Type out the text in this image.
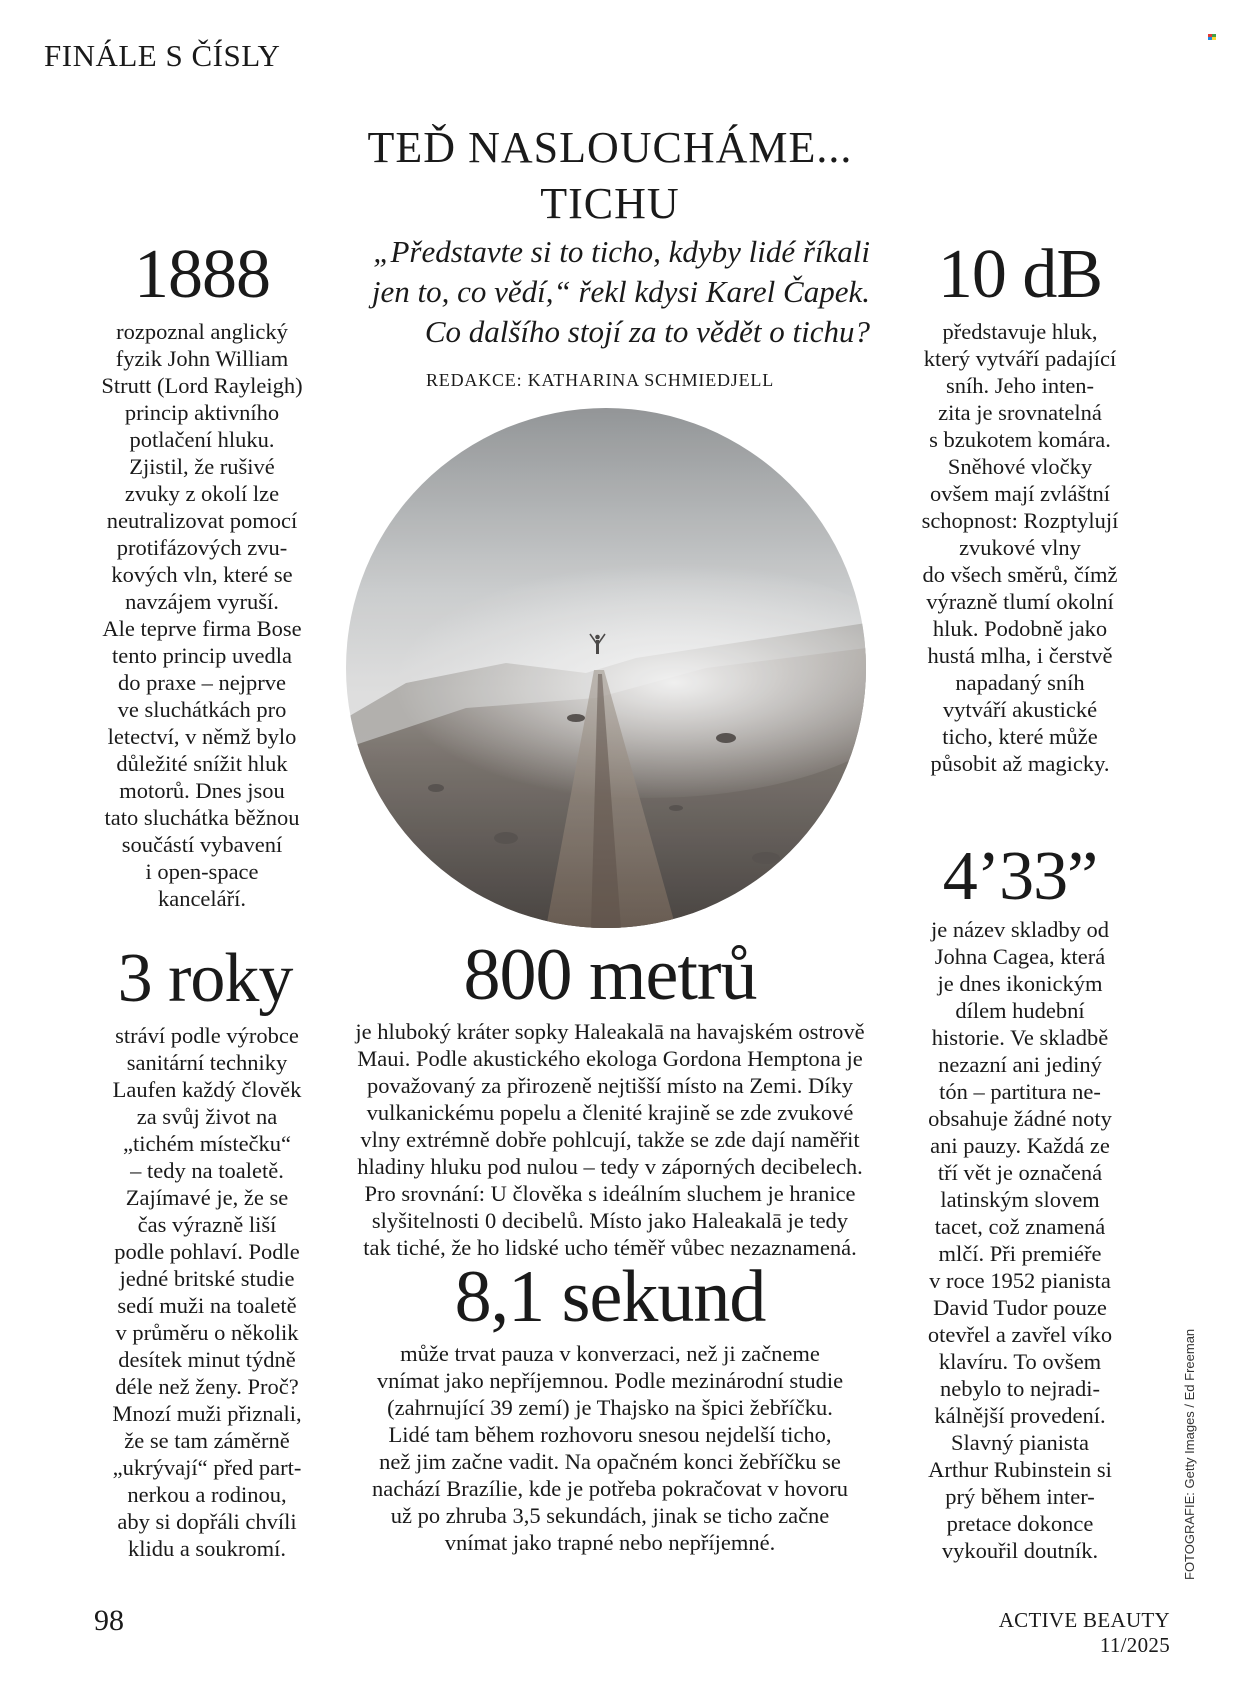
FINÁLE S ČÍSLY
TEĎ NASLOUCHÁME...
TICHU
„Představte si to ticho, kdyby lidé říkali
jen to, co vědí,“ řekl kdysi Karel Čapek.
Co dalšího stojí za to vědět o tichu?
REDAKCE: KATHARINA SCHMIEDJELL
1888
rozpoznal anglický
fyzik John William
Strutt (Lord Rayleigh)
princip aktivního
potlačení hluku.
Zjistil, že rušivé
zvuky z okolí lze
neutralizovat pomocí
protifázových zvu-
kových vln, které se
navzájem vyruší.
Ale teprve firma Bose
tento princip uvedla
do praxe – nejprve
ve sluchátkách pro
letectví, v němž bylo
důležité snížit hluk
motorů. Dnes jsou
tato sluchátka běžnou
součástí vybavení
i open-space
kanceláří.
10 dB
představuje hluk,
který vytváří padající
sníh. Jeho inten-
zita je srovnatelná
s bzukotem komára.
Sněhové vločky
ovšem mají zvláštní
schopnost: Rozptylují
zvukové vlny
do všech směrů, čímž
výrazně tlumí okolní
hluk. Podobně jako
hustá mlha, i čerstvě
napadaný sníh
vytváří akustické
ticho, které může
působit až magicky.
4’33”
je název skladby od
Johna Cagea, která
je dnes ikonickým
dílem hudební
historie. Ve skladbě
nezazní ani jediný
tón – partitura ne-
obsahuje žádné noty
ani pauzy. Každá ze
tří vět je označená
latinským slovem
tacet, což znamená
mlčí. Při premiéře
v roce 1952 pianista
David Tudor pouze
otevřel a zavřel víko
klavíru. To ovšem
nebylo to nejradi-
kálnější provedení.
Slavný pianista
Arthur Rubinstein si
prý během inter-
pretace dokonce
vykouřil doutník.
3 roky
stráví podle výrobce
sanitární techniky
Laufen každý člověk
za svůj život na
„tichém místečku“
– tedy na toaletě.
Zajímavé je, že se
čas výrazně liší
podle pohlaví. Podle
jedné britské studie
sedí muži na toaletě
v průměru o několik
desítek minut týdně
déle než ženy. Proč?
Mnozí muži přiznali,
že se tam záměrně
„ukrývají“ před part-
nerkou a rodinou,
aby si dopřáli chvíli
klidu a soukromí.
800 metrů
je hluboký kráter sopky Haleakalā na havajském ostrově
Maui. Podle akustického ekologa Gordona Hemptona je
považovaný za přirozeně nejtišší místo na Zemi. Díky
vulkanickému popelu a členité krajině se zde zvukové
vlny extrémně dobře pohlcují, takže se zde dají naměřit
hladiny hluku pod nulou – tedy v záporných decibelech.
Pro srovnání: U člověka s ideálním sluchem je hranice
slyšitelnosti 0 decibelů. Místo jako Haleakalā je tedy
tak tiché, že ho lidské ucho téměř vůbec nezaznamená.
8,1 sekund
může trvat pauza v konverzaci, než ji začneme
vnímat jako nepříjemnou. Podle mezinárodní studie
(zahrnující 39 zemí) je Thajsko na špici žebříčku.
Lidé tam během rozhovoru snesou nejdelší ticho,
než jim začne vadit. Na opačném konci žebříčku se
nachází Brazílie, kde je potřeba pokračovat v hovoru
už po zhruba 3,5 sekundách, jinak se ticho začne
vnímat jako trapné nebo nepříjemné.	FOTOGRAFIE: Getty Images / Ed Freeman
98	ACTIVE BEAUTY 11/2025
